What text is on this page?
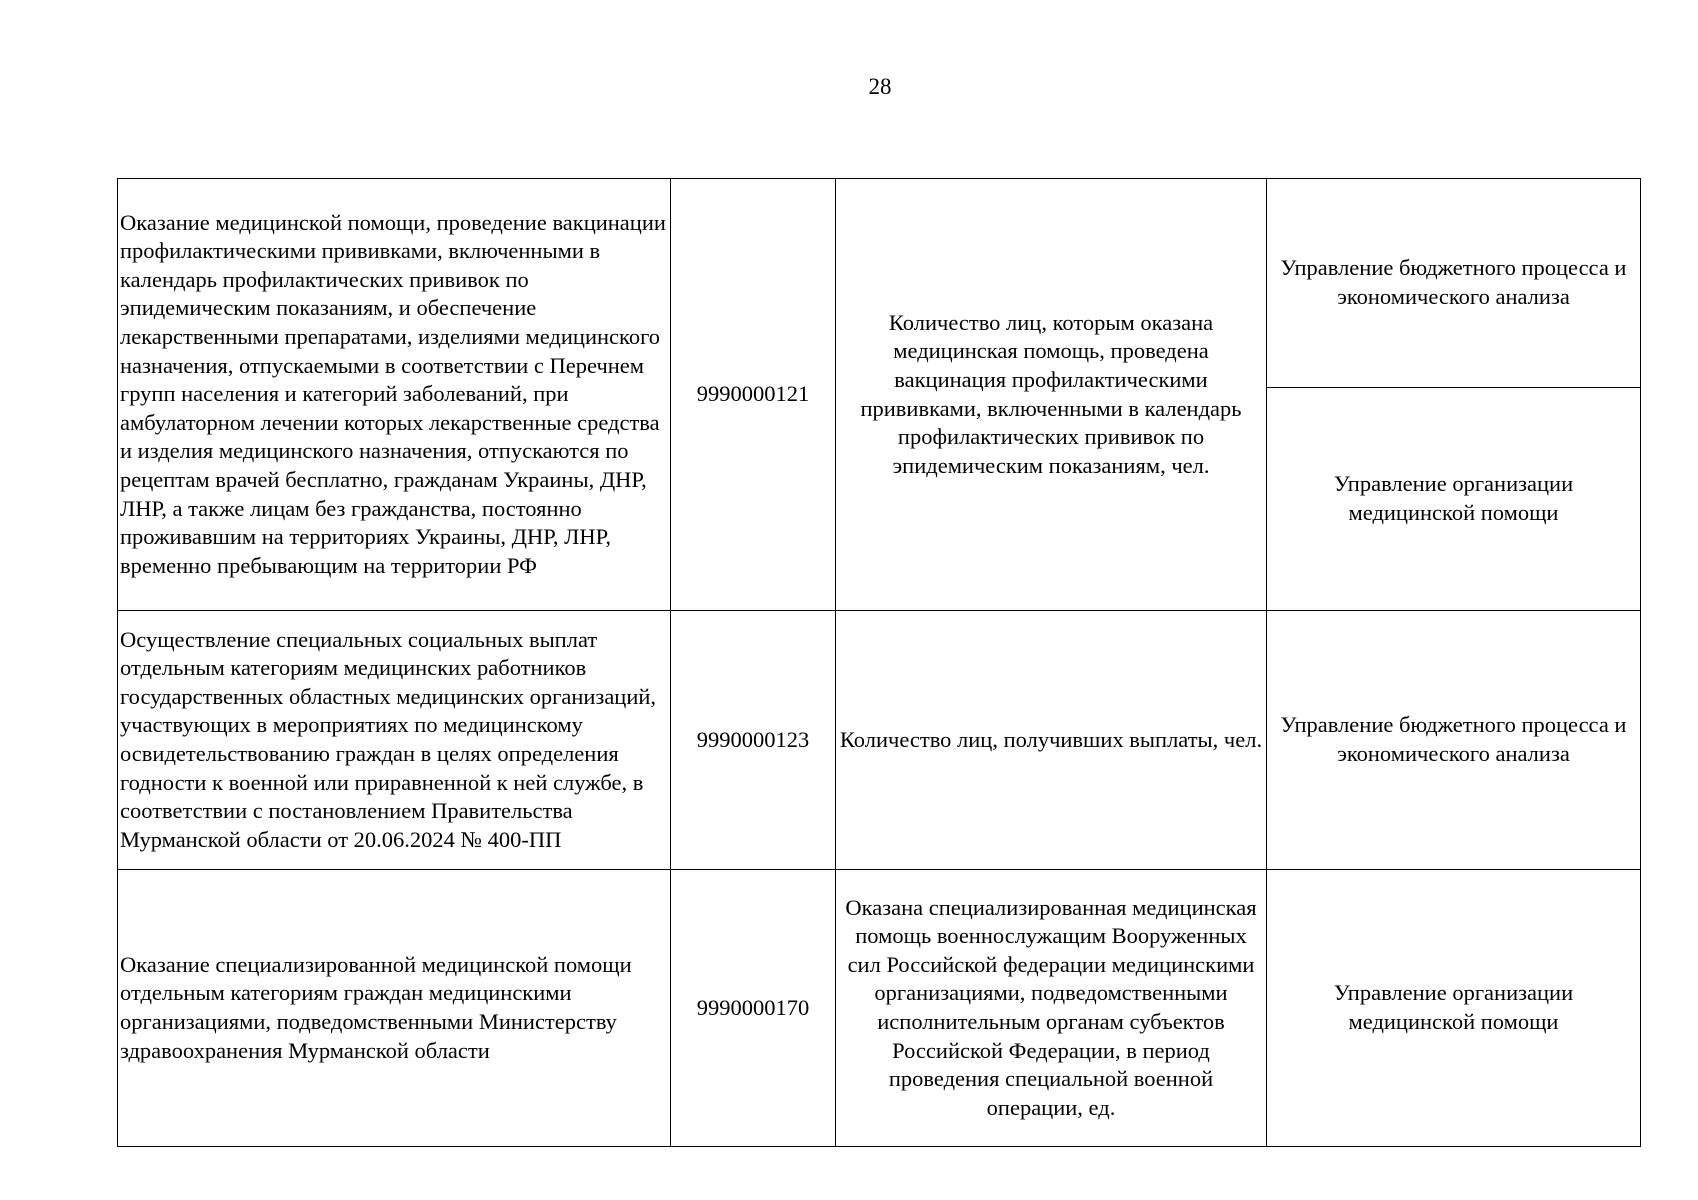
28
Оказание медицинской помощи, проведение вакцинации профилактическими прививками, включенными в календарь профилактических прививок по эпидемическим показаниям, и обеспечение лекарственными препаратами, изделиями медицинского назначения, отпускаемыми в соответствии с Перечнем групп населения и категорий заболеваний, при амбулаторном лечении которых лекарственные средства и изделия медицинского назначения, отпускаются по рецептам врачей бесплатно, гражданам Украины, ДНР, ЛНР, а также лицам без гражданства, постоянно проживавшим на территориях Украины, ДНР, ЛНР, временно пребывающим на территории РФ	9990000121	Количество лиц, которым оказана медицинская помощь, проведена вакцинация профилактическими прививками, включенными в календарь профилактических прививок по эпидемическим показаниям, чел.	Управление бюджетного процесса и экономического анализа
			Управление организации медицинской помощи
Осуществление специальных социальных выплат отдельным категориям медицинских работников государственных областных медицинских организаций, участвующих в мероприятиях по медицинскому освидетельствованию граждан в целях определения годности к военной или приравненной к ней службе, в соответствии с постановлением Правительства Мурманской области от 20.06.2024 № 400-ПП	9990000123	Количество лиц, получивших выплаты, чел.	Управление бюджетного процесса и экономического анализа
Оказание специализированной медицинской помощи отдельным категориям граждан медицинскими организациями, подведомственными Министерству здравоохранения Мурманской области	9990000170	Оказана специализированная медицинская помощь военнослужащим Вооруженных сил Российской федерации медицинскими организациями, подведомственными исполнительным органам субъектов Российской Федерации, в период проведения специальной военной операции, ед.	Управление организации медицинской помощи
